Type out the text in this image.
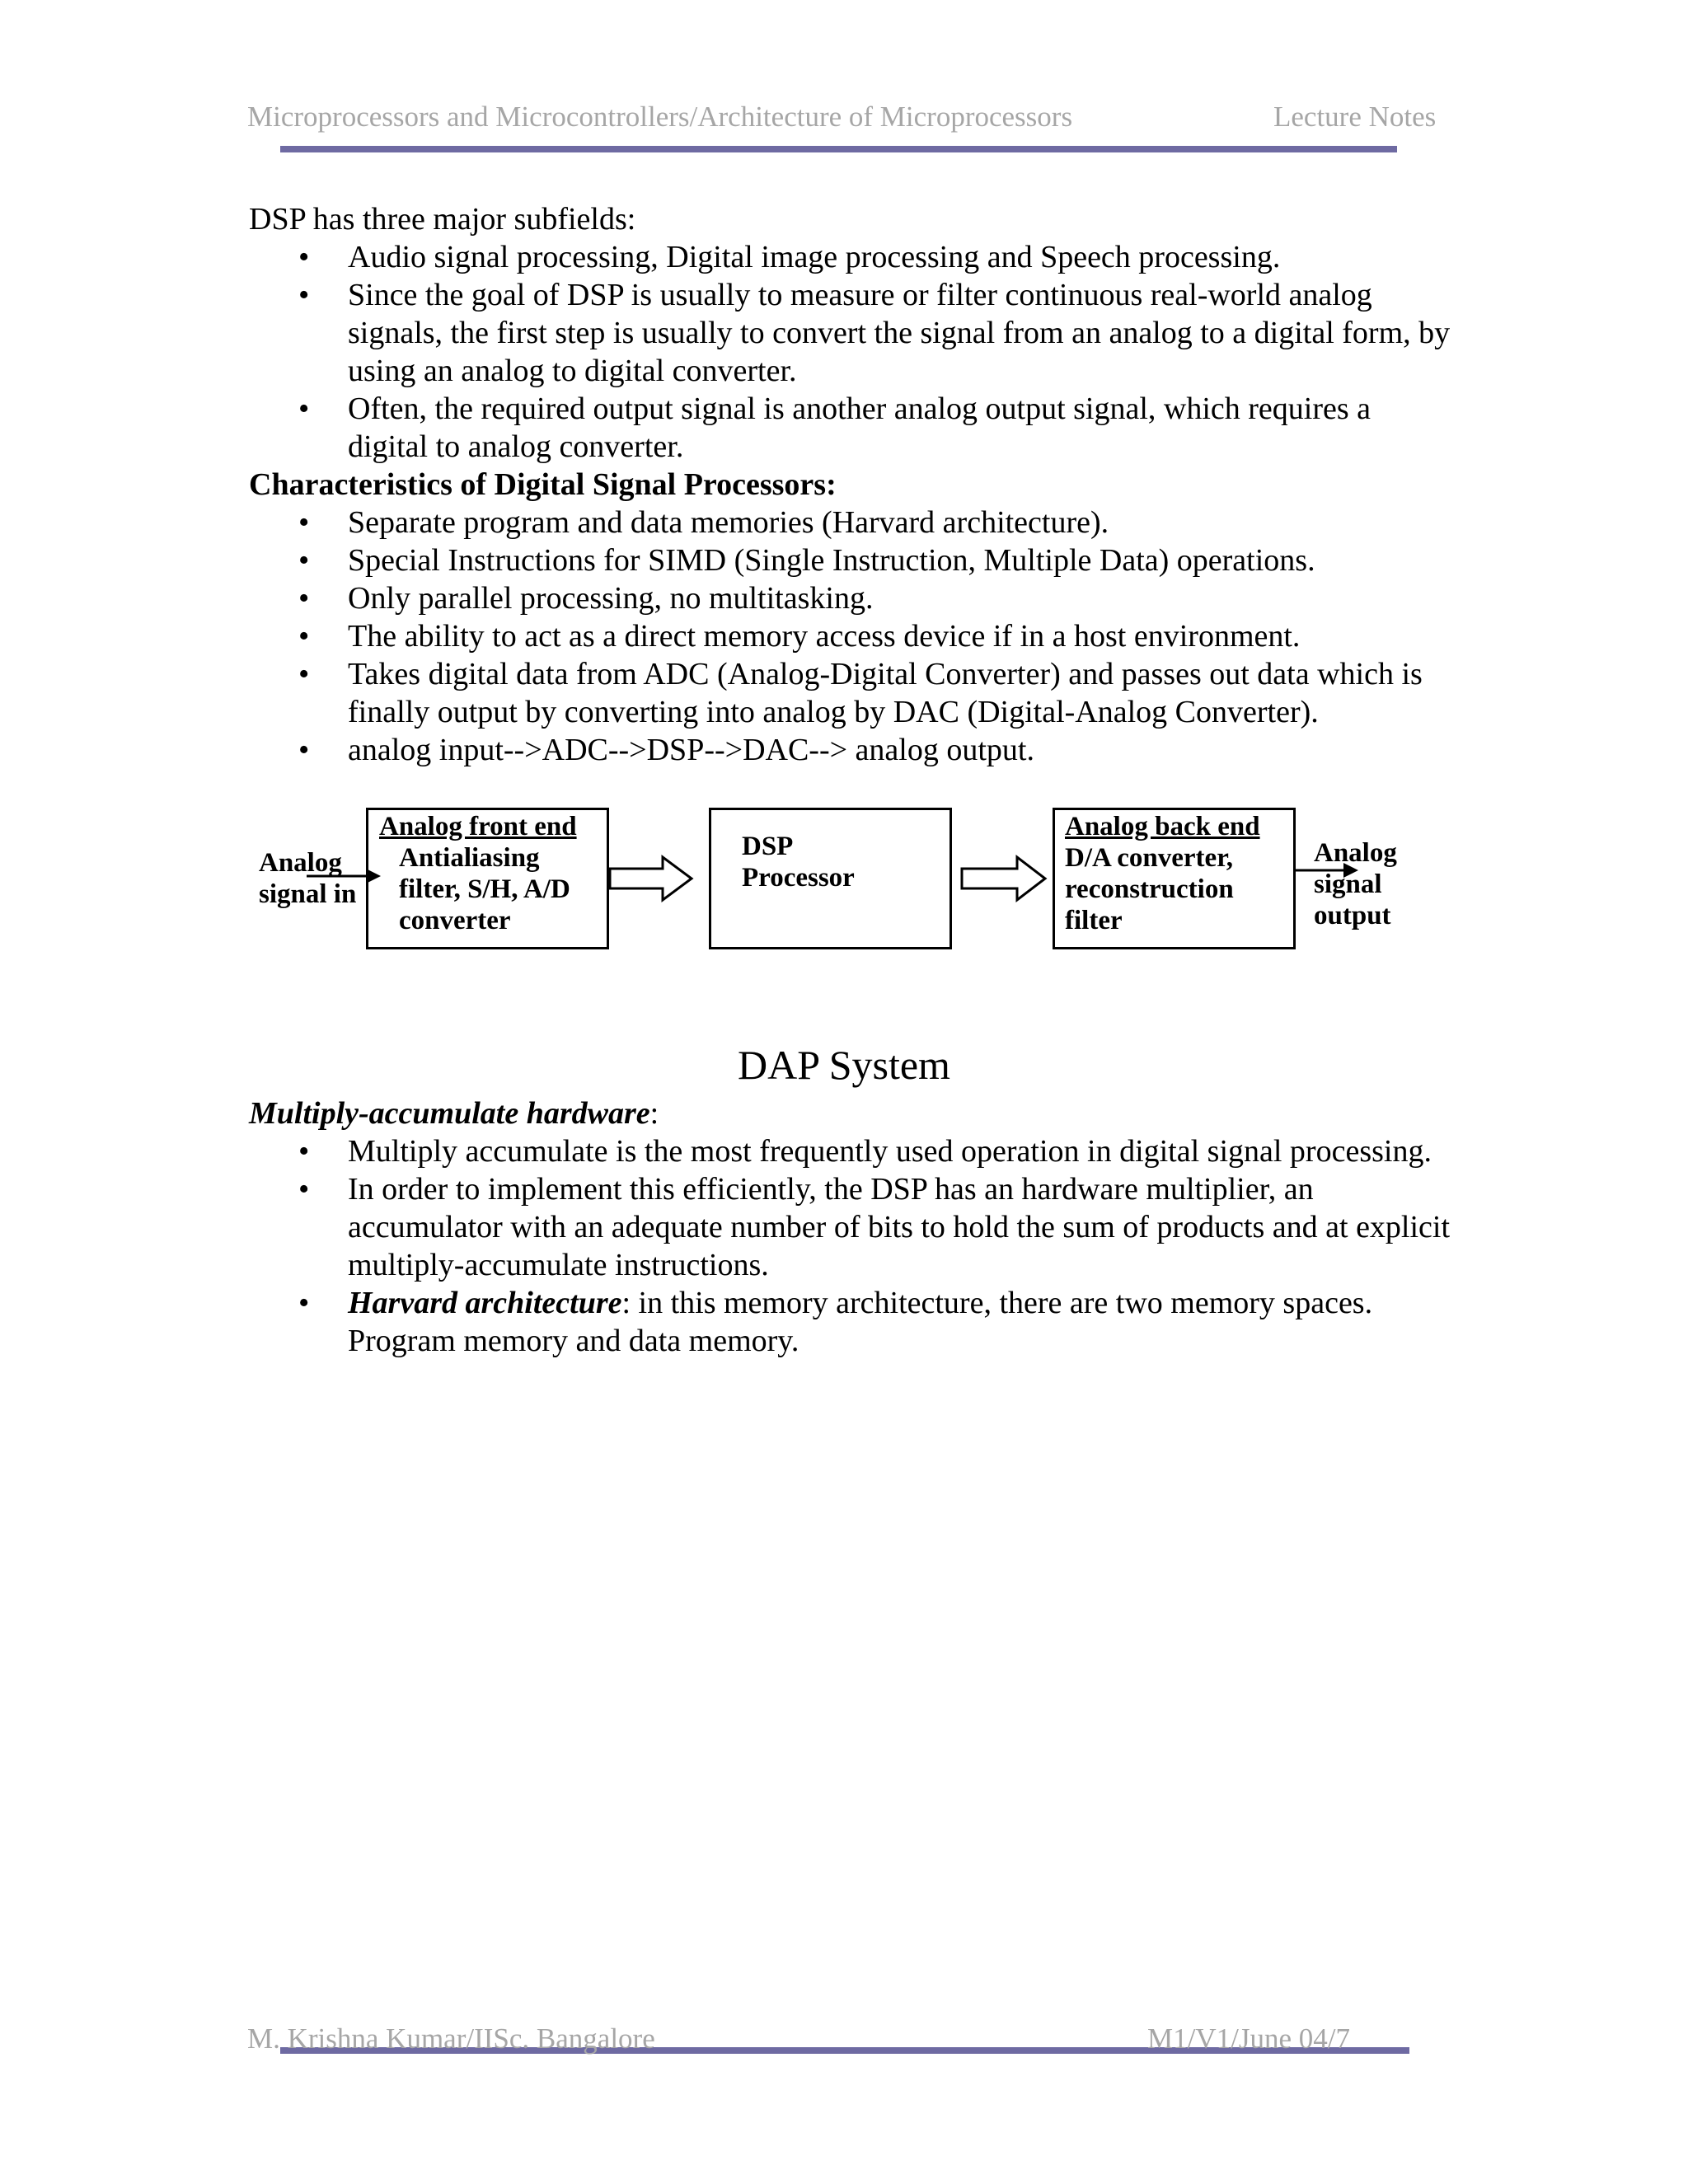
Microprocessors and Microcontrollers/Architecture of Microprocessors	Lecture Notes

DSP has three major subfields:

• Audio signal processing, Digital image processing and Speech processing.
• Since the goal of DSP is usually to measure or filter continuous real-world analog signals, the first step is usually to convert the signal from an analog to a digital form, by using an analog to digital converter.
• Often, the required output signal is another analog output signal, which requires a digital to analog converter.

Characteristics of Digital Signal Processors:

• Separate program and data memories (Harvard architecture).
• Special Instructions for SIMD (Single Instruction, Multiple Data) operations.
• Only parallel processing, no multitasking.
• The ability to act as a direct memory access device if in a host environment.
• Takes digital data from ADC (Analog-Digital Converter) and passes out data which is finally output by converting into analog by DAC (Digital-Analog Converter).
• analog input-->ADC-->DSP-->DAC--> analog output.
Analog
signal in
Analog front end
Antialiasing
filter, S/H, A/D
converter
DSP
Processor
Analog back end
D/A converter,
reconstruction
filter
Analog
signal
output
DAP System

Multiply-accumulate hardware:

• Multiply accumulate is the most frequently used operation in digital signal processing.
• In order to implement this efficiently, the DSP has an hardware multiplier, an accumulator with an adequate number of bits to hold the sum of products and at explicit multiply-accumulate instructions.
• Harvard architecture: in this memory architecture, there are two memory spaces. Program memory and data memory.
M. Krishna Kumar/IISc. Bangalore	M1/V1/June 04/7
